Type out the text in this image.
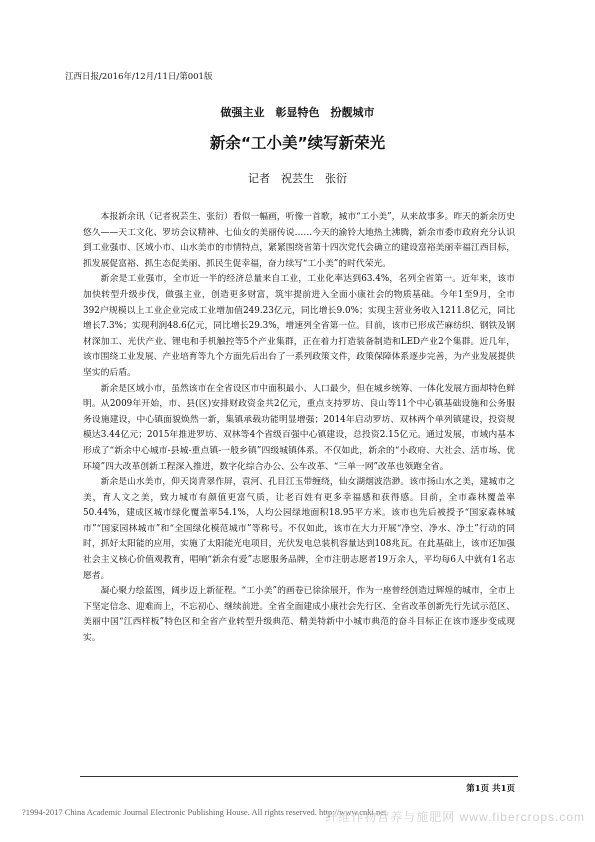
江西日报/2016年/12月/11日/第001版
做强主业　彰显特色　扮靓城市
新余“工小美”续写新荣光
记者　祝芸生　张衍

本报新余讯（记者祝芸生、张衍）看似一幅画，听像一首歌，城市“工小美”，从来故事多。昨天的新余历史悠久——天工文化、罗坊会议精神、七仙女的美丽传说……今天的渝铃大地热土沸腾，新余市委市政府充分认识到工业强市、区域小市、山水美市的市情特点，紧紧围绕省第十四次党代会确立的建设富裕美丽幸福江西目标，抓发展促富裕、抓生态促美丽、抓民生促幸福，奋力续写“工小美”的时代荣光。

新余是工业强市，全市近一半的经济总量来自工业，工业化率达到63.4%，名列全省第一。近年来，该市加快转型升级步伐，做强主业，创造更多财富，筑牢提前进入全面小康社会的物质基础。今年1至9月，全市392户规模以上工业企业完成工业增加值249.23亿元，同比增长9.0%；实现主营业务收入1211.8亿元，同比增长7.3%；实现利润48.6亿元，同比增长29.3%，增速列全省第一位。目前，该市已形成芒麻纺织、钢铁及钢材深加工、光伏产业、锂电和手机触控等5个产业集群，正在着力打造装备制造和LED产业2个集群。近几年，该市围绕工业发展、产业培育等九个方面先后出台了一系列政策文件，政策保障体系逐步完善，为产业发展提供坚实的后盾。

新余是区域小市，虽然该市在全省设区市中面积最小、人口最少，但在城乡统筹、一体化发展方面却特色鲜明。从2009年开始，市、县(区)安排财政资金共2亿元，重点支持罗坊、良山等11个中心镇基础设施和公务服务设施建设，中心镇面貌焕然一新，集镇承载功能明显增强；2014年启动罗坊、双林两个单列镇建设，投资规模达3.44亿元；2015年推进罗坊、双林等4个省级百强中心镇建设，总投资2.15亿元。通过发展，市域内基本形成了“新余中心城市-县城-重点镇-一般乡镇”四级城镇体系。不仅如此，新余的“小政府、大社会、活市场、优环境”四大改革创新工程深入推进，数字化综合办公、公车改革、“三单一网”改革也领跑全省。

新余是山水美市，仰天岗青翠作屏，袁河、孔目江玉带缠绕，仙女湖烟波浩渺。该市扬山水之美，建城市之美，育人文之美，致力城市有颜值更富气质，让老百姓有更多幸福感和获得感。目前，全市森林覆盖率50.44%，建成区城市绿化覆盖率54.1%，人均公园绿地面积18.95平方米。该市也先后被授予“国家森林城市”“国家园林城市”和“全国绿化模范城市”等称号。不仅如此，该市在大力开展“净空、净水、净土”行动的同时，抓好太阳能的应用，实施了太阳能光电项目，光伏发电总装机容量达到108兆瓦。在此基础上，该市还加强社会主义核心价值观教育，唱响“新余有爱”志愿服务品牌，全市注册志愿者19万余人，平均每6人中就有1名志愿者。

凝心聚力绘蓝图，阔步迈上新征程。“工小美”的画卷已徐徐展开，作为一座曾经创造过辉煌的城市，全市上下坚定信念、迎难而上，不忘初心、继续前进。全省全面建成小康社会先行区、全省改革创新先行先试示范区、美丽中国“江西样板”特色区和全省产业转型升级典范、精美特新中小城市典范的奋斗目标正在该市逐步变成现实。

第1页 共1页
?1994-2017 China Academic Journal Electronic Publishing House. All rights reserved. http://www.cnki.net
纤维作物营养与施肥网 www.fibercrops.com
